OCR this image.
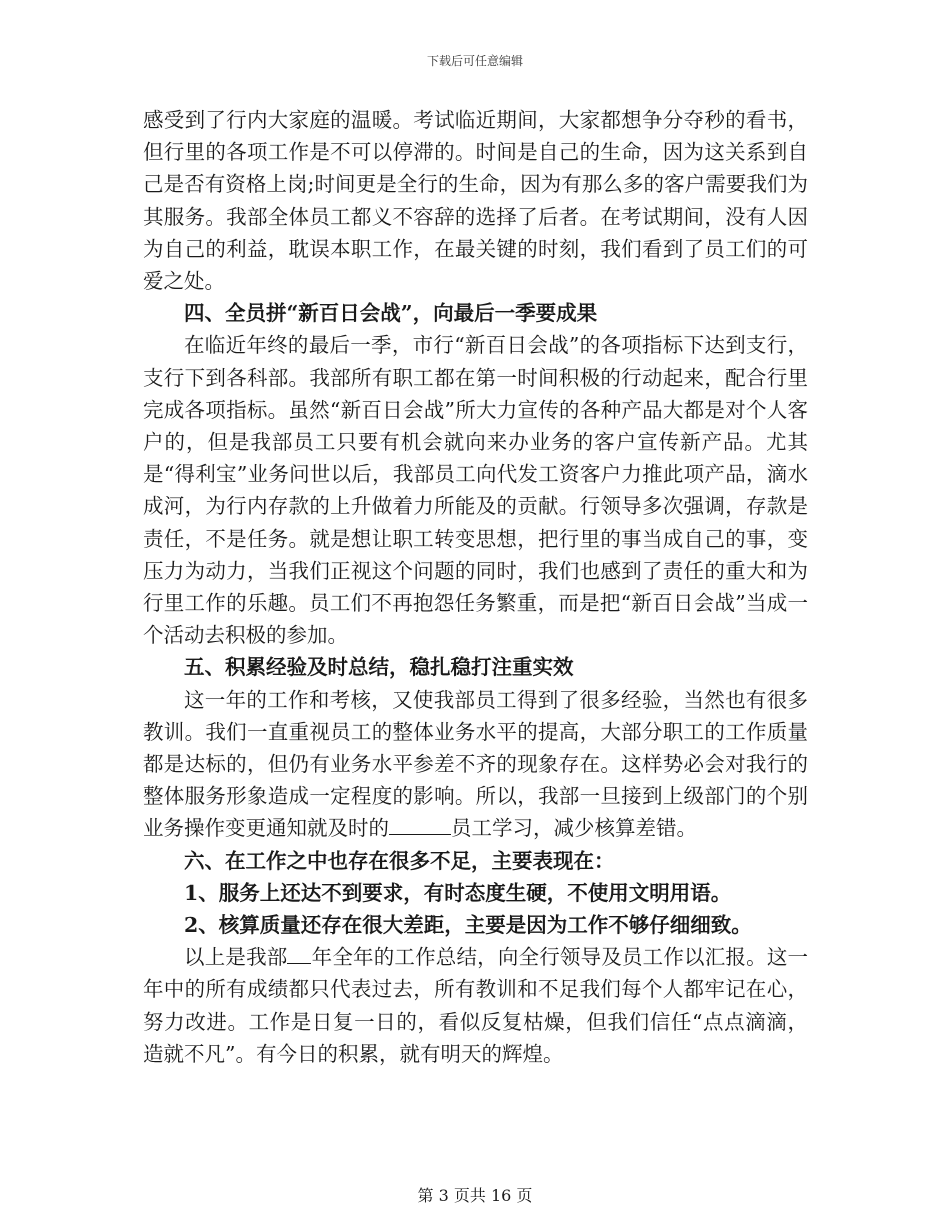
下载后可任意编辑

感受到了行内大家庭的温暖。考试临近期间，大家都想争分夺秒的看书，但行里的各项工作是不可以停滞的。时间是自己的生命，因为这关系到自己是否有资格上岗;时间更是全行的生命，因为有那么多的客户需要我们为其服务。我部全体员工都义不容辞的选择了后者。在考试期间，没有人因为自己的利益，耽误本职工作，在最关键的时刻，我们看到了员工们的可爱之处。

四、全员拼“新百日会战”，向最后一季要成果

在临近年终的最后一季，市行“新百日会战”的各项指标下达到支行，支行下到各科部。我部所有职工都在第一时间积极的行动起来，配合行里完成各项指标。虽然“新百日会战”所大力宣传的各种产品大都是对个人客户的，但是我部员工只要有机会就向来办业务的客户宣传新产品。尤其是“得利宝”业务问世以后，我部员工向代发工资客户力推此项产品，滴水成河，为行内存款的上升做着力所能及的贡献。行领导多次强调，存款是责任，不是任务。就是想让职工转变思想，把行里的事当成自己的事，变压力为动力，当我们正视这个问题的同时，我们也感到了责任的重大和为行里工作的乐趣。员工们不再抱怨任务繁重，而是把“新百日会战”当成一个活动去积极的参加。

五、积累经验及时总结，稳扎稳打注重实效

这一年的工作和考核，又使我部员工得到了很多经验，当然也有很多教训。我们一直重视员工的整体业务水平的提高，大部分职工的工作质量都是达标的，但仍有业务水平参差不齐的现象存在。这样势必会对我行的整体服务形象造成一定程度的影响。所以，我部一旦接到上级部门的个别业务操作变更通知就及时的	员工学习，减少核算差错。

六、在工作之中也存在很多不足，主要表现在：

1、服务上还达不到要求，有时态度生硬，不使用文明用语。

2、核算质量还存在很大差距，主要是因为工作不够仔细细致。

以上是我部 年全年的工作总结，向全行领导及员工作以汇报。这一年中的所有成绩都只代表过去，所有教训和不足我们每个人都牢记在心，努力改进。工作是日复一日的，看似反复枯燥，但我们信任“点点滴滴，造就不凡”。有今日的积累，就有明天的辉煌。

第 3 页共 16 页
